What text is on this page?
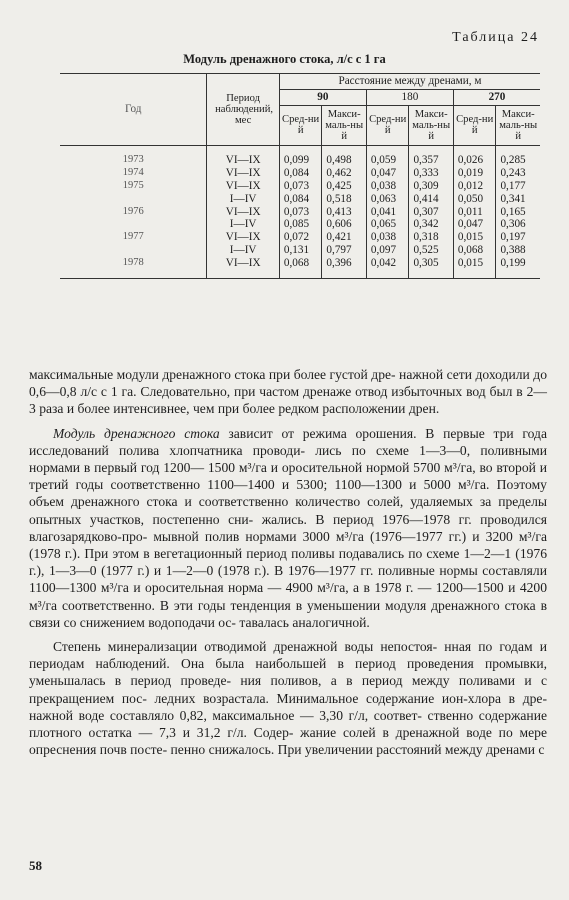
Таблица 24
Модуль дренажного стока, л/с с 1 га
Год	Период наблюдений, мес	Расстояние между дренами, м					
		90		180		270	
		Сред-ний	Макси-маль-ный	Сред-ний	Макси-маль-ный	Сред-ний	Макси-маль-ный
1973	VI—IX	0,099	0,498	0,059	0,357	0,026	0,285
1974	VI—IX	0,084	0,462	0,047	0,333	0,019	0,243
1975	VI—IX	0,073	0,425	0,038	0,309	0,012	0,177
	I—IV	0,084	0,518	0,063	0,414	0,050	0,341
1976	VI—IX	0,073	0,413	0,041	0,307	0,011	0,165
	I—IV	0,085	0,606	0,065	0,342	0,047	0,306
1977	VI—IX	0,072	0,421	0,038	0,318	0,015	0,197
	I—IV	0,131	0,797	0,097	0,525	0,068	0,388
1978	VI—IX	0,068	0,396	0,042	0,305	0,015	0,199

максимальные модули дренажного стока при более густой дре- нажной сети доходили до 0,6—0,8 л/с с 1 га. Следовательно, при частом дренаже отвод избыточных вод был в 2—3 раза и более интенсивнее, чем при более редком расположении дрен.

Модуль дренажного стока зависит от режима орошения. В первые три года исследований полива хлопчатника проводи- лись по схеме 1—3—0, поливными нормами в первый год 1200— 1500 м³/га и оросительной нормой 5700 м³/га, во второй и третий годы соответственно 1100—1400 и 5300; 1100—1300 и 5000 м³/га. Поэтому объем дренажного стока и соответственно количество солей, удаляемых за пределы опытных участков, постепенно сни- жались. В период 1976—1978 гг. проводился влагозарядково-про- мывной полив нормами 3000 м³/га (1976—1977 гг.) и 3200 м³/га (1978 г.). При этом в вегетационный период поливы подавались по схеме 1—2—1 (1976 г.), 1—3—0 (1977 г.) и 1—2—0 (1978 г.). В 1976—1977 гг. поливные нормы составляли 1100—1300 м³/га и оросительная норма — 4900 м³/га, а в 1978 г. — 1200—1500 и 4200 м³/га соответственно. В эти годы тенденция в уменьшении модуля дренажного стока в связи со снижением водоподачи ос- тавалась аналогичной.

Степень минерализации отводимой дренажной воды непостоя- нная по годам и периодам наблюдений. Она была наибольшей в период проведения промывки, уменьшалась в период проведе- ния поливов, а в период между поливами и с прекращением пос- ледних возрастала. Минимальное содержание ион-хлора в дре- нажной воде составляло 0,82, максимальное — 3,30 г/л, соответ- ственно содержание плотного остатка — 7,3 и 31,2 г/л. Содер- жание солей в дренажной воде по мере опреснения почв посте- пенно снижалось. При увеличении расстояний между дренами с

58
